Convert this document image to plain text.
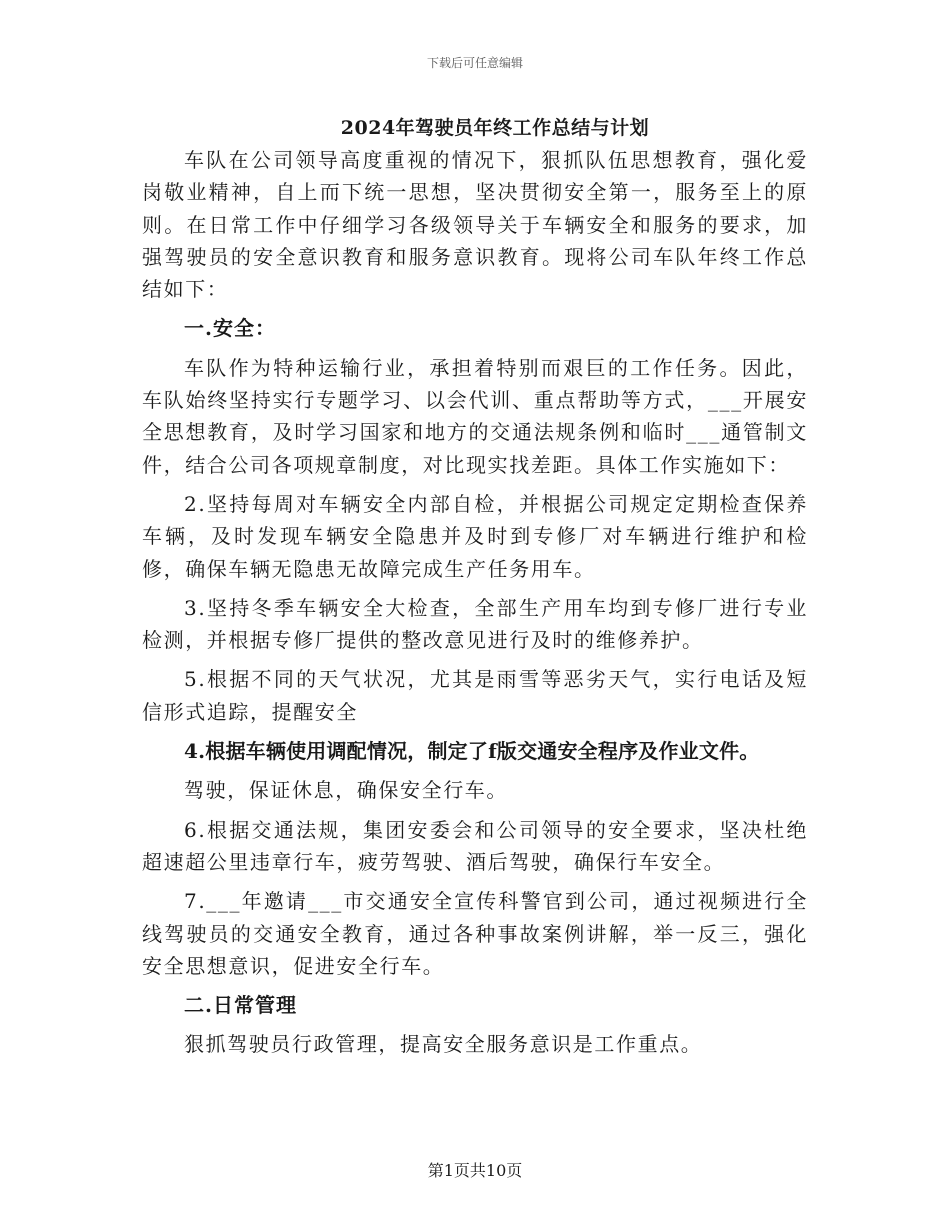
下载后可任意编辑
2024年驾驶员年终工作总结与计划

车队在公司领导高度重视的情况下，狠抓队伍思想教育，强化爱岗敬业精神，自上而下统一思想，坚决贯彻安全第一，服务至上的原则。在日常工作中仔细学习各级领导关于车辆安全和服务的要求，加强驾驶员的安全意识教育和服务意识教育。现将公司车队年终工作总结如下：

一.安全：

车队作为特种运输行业，承担着特别而艰巨的工作任务。因此，车队始终坚持实行专题学习、以会代训、重点帮助等方式，___开展安全思想教育，及时学习国家和地方的交通法规条例和临时___通管制文件，结合公司各项规章制度，对比现实找差距。具体工作实施如下：

2.坚持每周对车辆安全内部自检，并根据公司规定定期检查保养车辆，及时发现车辆安全隐患并及时到专修厂对车辆进行维护和检修，确保车辆无隐患无故障完成生产任务用车。

3.坚持冬季车辆安全大检查，全部生产用车均到专修厂进行专业检测，并根据专修厂提供的整改意见进行及时的维修养护。

5.根据不同的天气状况，尤其是雨雪等恶劣天气，实行电话及短信形式追踪，提醒安全

4.根据车辆使用调配情况，制定了f版交通安全程序及作业文件。

驾驶，保证休息，确保安全行车。

6.根据交通法规，集团安委会和公司领导的安全要求，坚决杜绝超速超公里违章行车，疲劳驾驶、酒后驾驶，确保行车安全。

7.___年邀请___市交通安全宣传科警官到公司，通过视频进行全线驾驶员的交通安全教育，通过各种事故案例讲解，举一反三，强化安全思想意识，促进安全行车。

二.日常管理

狠抓驾驶员行政管理，提高安全服务意识是工作重点。

第1页共10页
